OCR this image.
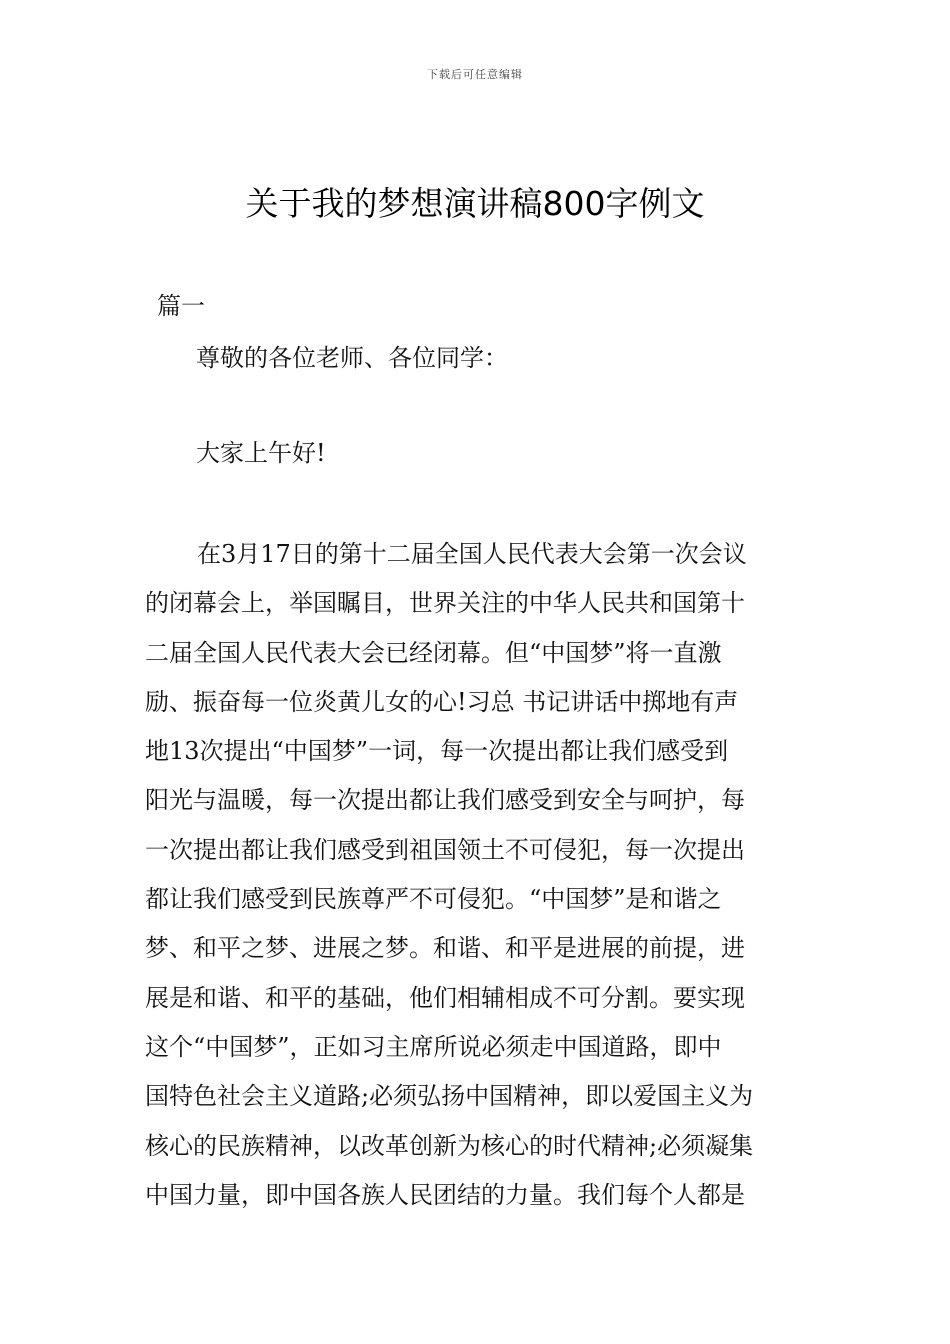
下载后可任意编辑
关于我的梦想演讲稿800字例文
篇一
尊敬的各位老师、各位同学：
大家上午好!
在3月17日的第十二届全国人民代表大会第一次会议
的闭幕会上，举国瞩目，世界关注的中华人民共和国第十
二届全国人民代表大会已经闭幕。但“中国梦”将一直激
励、振奋每一位炎黄儿女的心!习总 书记讲话中掷地有声
地13次提出“中国梦”一词，每一次提出都让我们感受到
阳光与温暖，每一次提出都让我们感受到安全与呵护，每
一次提出都让我们感受到祖国领土不可侵犯，每一次提出
都让我们感受到民族尊严不可侵犯。“中国梦”是和谐之
梦、和平之梦、进展之梦。和谐、和平是进展的前提，进
展是和谐、和平的基础，他们相辅相成不可分割。要实现
这个“中国梦”，正如习主席所说必须走中国道路，即中
国特色社会主义道路;必须弘扬中国精神，即以爱国主义为
核心的民族精神，以改革创新为核心的时代精神;必须凝集
中国力量，即中国各族人民团结的力量。我们每个人都是
